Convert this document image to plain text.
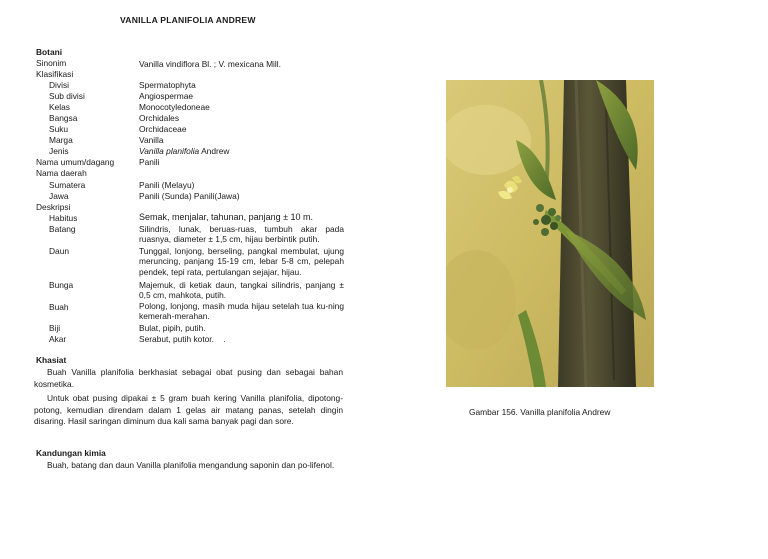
VANILLA PLANIFOLIA ANDREW
Botani
Sinonim	Vanilla vindiflora Bl. ; V. mexicana Mill.
Klasifikasi
Divisi	Spermatophyta
Sub divisi	Angiospermae
Kelas	Monocotyledoneae
Bangsa	Orchidales
Suku	Orchidaceae
Marga	Vanilla
Jenis	Vanilla planifolia Andrew
Nama umum/dagang	Panili
Nama daerah
Sumatera	Panili (Melayu)
Jawa	Panili (Sunda) Panili(Jawa)
Deskripsi
Habitus	Semak, menjalar, tahunan, panjang ± 10 m.
Batang	Silindris, lunak, beruas-ruas, tumbuh akar pada ruasnya, diameter ± 1,5 cm, hijau berbintik putih.
Daun	Tunggal, lonjong, berseling, pangkal membulat, ujung meruncing, panjang 15-19 cm, lebar 5-8 cm, pelepah pendek, tepi rata, pertulangan sejajar, hijau.
Bunga	Majemuk, di ketiak daun, tangkai silindris, panjang ± 0,5 cm, mahkota, putih.
Buah	Polong, lonjong, masih muda hijau setelah tua ku-ning kemerah-merahan.
Biji	Bulat, pipih, putih.
Akar	Serabut, putih kotor.    .
Khasiat
Buah Vanilla planifolia berkhasiat sebagai obat pusing dan sebagai bahan kosmetika.
Untuk obat pusing dipakai ± 5 gram buah kering Vanilla planifolia, dipotong-potong, kemudian direndam dalam 1 gelas air matang panas, setelah dingin disaring. Hasil saringan diminum dua kali sama banyak pagi dan sore.
Kandungan kimia
Buah, batang dan daun Vanilla planifolia mengandung saponin dan po-lifenol.
Gambar 156. Vanilla planifolia Andrew
